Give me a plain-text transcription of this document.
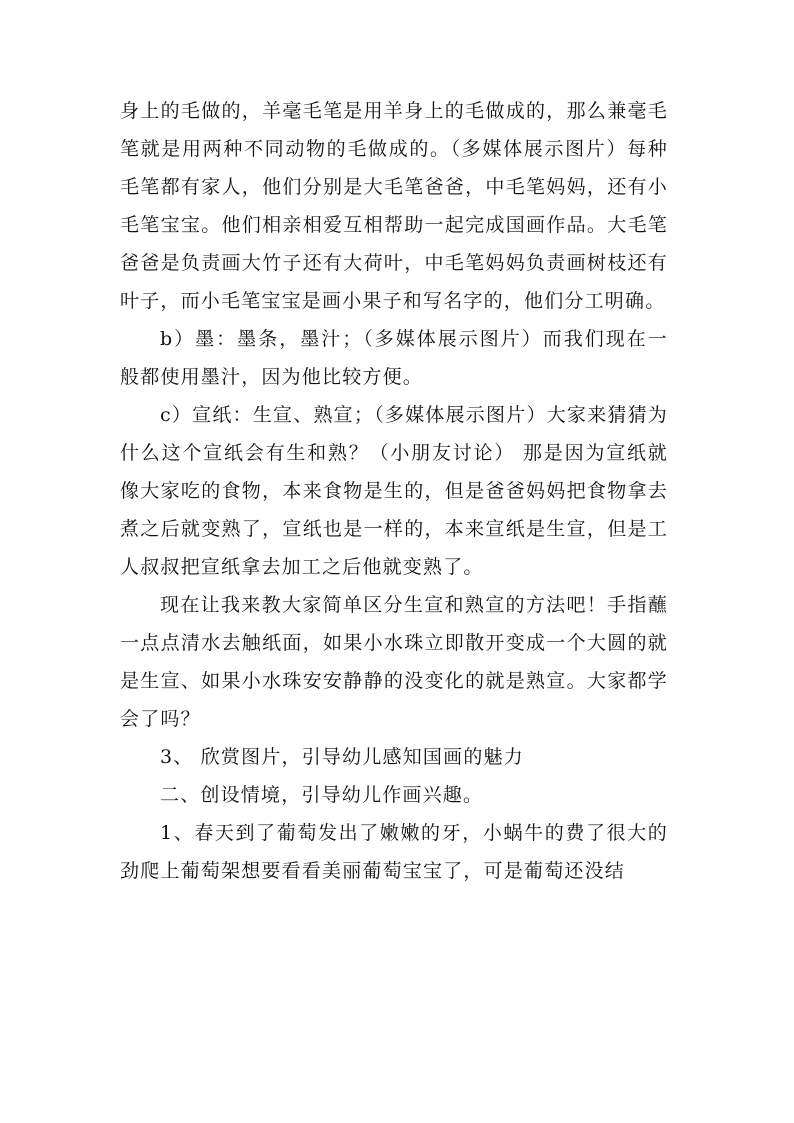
身上的毛做的，羊毫毛笔是用羊身上的毛做成的，那么兼毫毛笔就是用两种不同动物的毛做成的。（多媒体展示图片）每种毛笔都有家人，他们分别是大毛笔爸爸，中毛笔妈妈，还有小毛笔宝宝。他们相亲相爱互相帮助一起完成国画作品。大毛笔爸爸是负责画大竹子还有大荷叶，中毛笔妈妈负责画树枝还有叶子，而小毛笔宝宝是画小果子和写名字的，他们分工明确。

b）墨：墨条，墨汁；（多媒体展示图片）而我们现在一般都使用墨汁，因为他比较方便。

c）宣纸：生宣、熟宣；（多媒体展示图片）大家来猜猜为什么这个宣纸会有生和熟？（小朋友讨论） 那是因为宣纸就像大家吃的食物，本来食物是生的，但是爸爸妈妈把食物拿去煮之后就变熟了，宣纸也是一样的，本来宣纸是生宣，但是工人叔叔把宣纸拿去加工之后他就变熟了。

现在让我来教大家简单区分生宣和熟宣的方法吧！手指蘸一点点清水去触纸面，如果小水珠立即散开变成一个大圆的就是生宣、如果小水珠安安静静的没变化的就是熟宣。大家都学会了吗？

3、 欣赏图片，引导幼儿感知国画的魅力

二、创设情境，引导幼儿作画兴趣。

1、春天到了葡萄发出了嫩嫩的牙，小蜗牛的费了很大的劲爬上葡萄架想要看看美丽葡萄宝宝了，可是葡萄还没结
